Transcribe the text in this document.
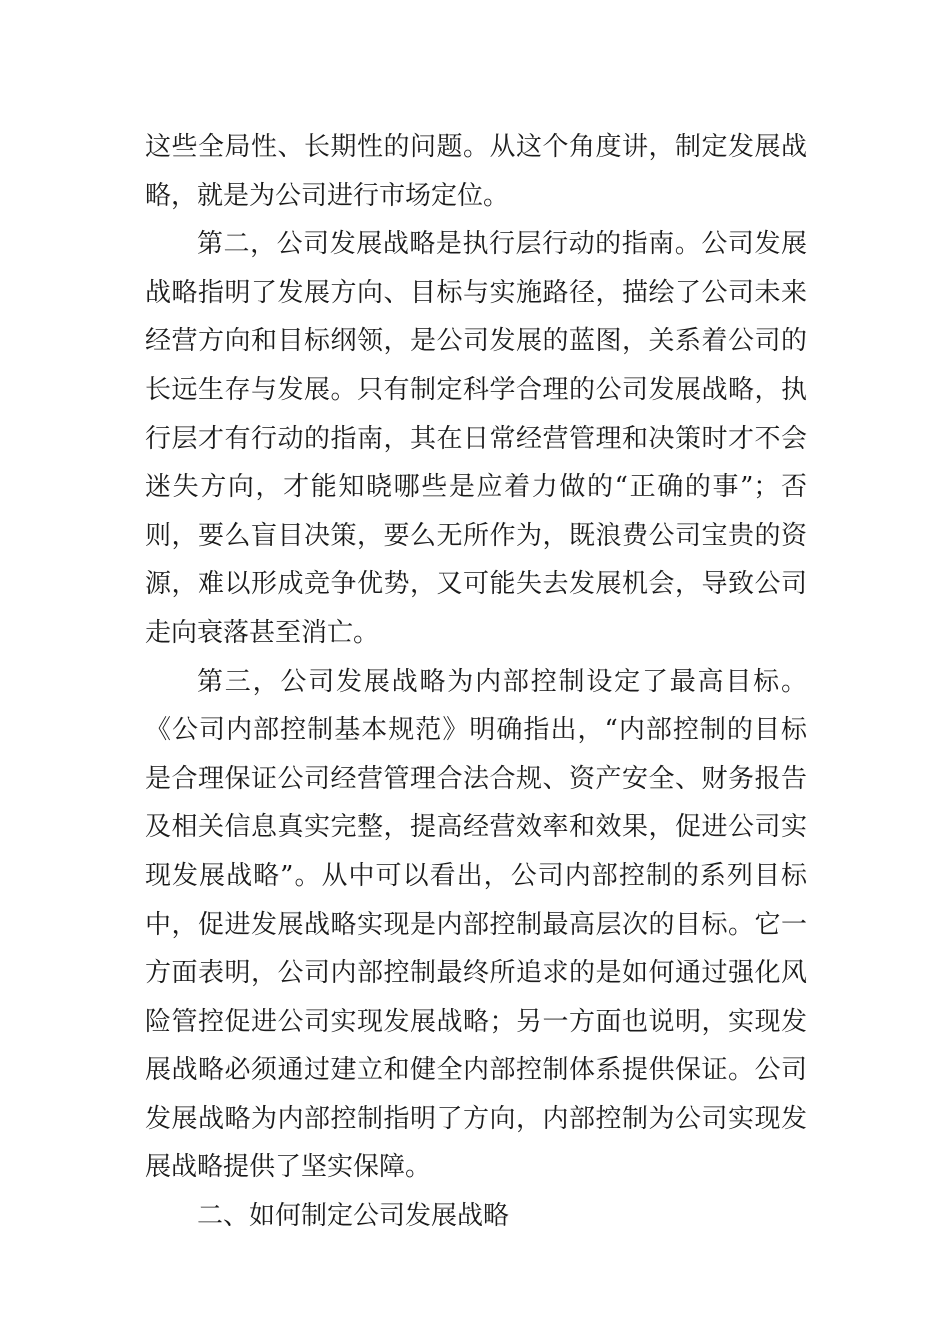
这些全局性、长期性的问题。从这个角度讲，制定发展战略，就是为公司进行市场定位。

第二，公司发展战略是执行层行动的指南。公司发展战略指明了发展方向、目标与实施路径，描绘了公司未来经营方向和目标纲领，是公司发展的蓝图，关系着公司的长远生存与发展。只有制定科学合理的公司发展战略，执行层才有行动的指南，其在日常经营管理和决策时才不会迷失方向，才能知晓哪些是应着力做的“正确的事”；否则，要么盲目决策，要么无所作为，既浪费公司宝贵的资源，难以形成竞争优势，又可能失去发展机会，导致公司走向衰落甚至消亡。

第三，公司发展战略为内部控制设定了最高目标。《公司内部控制基本规范》明确指出，“内部控制的目标是合理保证公司经营管理合法合规、资产安全、财务报告及相关信息真实完整，提高经营效率和效果，促进公司实现发展战略”。从中可以看出，公司内部控制的系列目标中，促进发展战略实现是内部控制最高层次的目标。它一方面表明，公司内部控制最终所追求的是如何通过强化风险管控促进公司实现发展战略；另一方面也说明，实现发展战略必须通过建立和健全内部控制体系提供保证。公司发展战略为内部控制指明了方向，内部控制为公司实现发展战略提供了坚实保障。

二、如何制定公司发展战略
